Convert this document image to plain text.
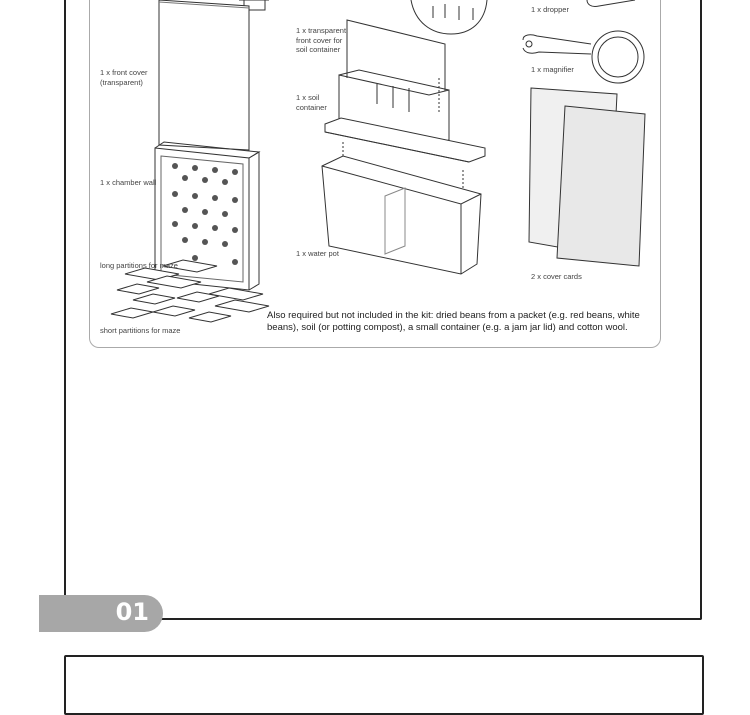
1 x front cover
(transparent)
1 x chamber wall
long partitions for maze
short partitions for maze
1 x transparent
front cover for
soil container
1 x soil
container
1 x water pot
1 x dropper
1 x magnifier
2 x cover cards
Also required but not included in the kit: dried beans from a packet (e.g. red beans, white beans), soil (or potting compost), a small container (e.g. a jam jar lid) and cotton wool.
01
